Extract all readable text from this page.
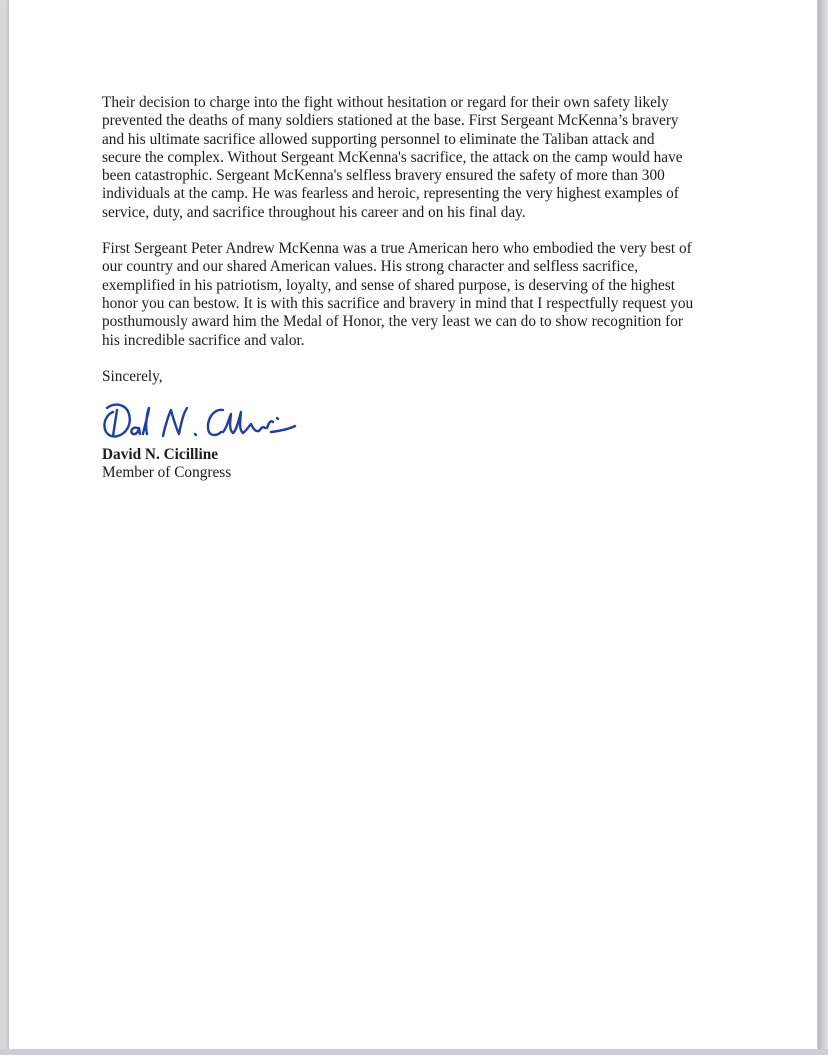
Their decision to charge into the fight without hesitation or regard for their own safety likely
prevented the deaths of many soldiers stationed at the base. First Sergeant McKenna’s bravery
and his ultimate sacrifice allowed supporting personnel to eliminate the Taliban attack and
secure the complex. Without Sergeant McKenna's sacrifice, the attack on the camp would have
been catastrophic. Sergeant McKenna's selfless bravery ensured the safety of more than 300
individuals at the camp. He was fearless and heroic, representing the very highest examples of
service, duty, and sacrifice throughout his career and on his final day.

First Sergeant Peter Andrew McKenna was a true American hero who embodied the very best of
our country and our shared American values. His strong character and selfless sacrifice,
exemplified in his patriotism, loyalty, and sense of shared purpose, is deserving of the highest
honor you can bestow. It is with this sacrifice and bravery in mind that I respectfully request you
posthumously award him the Medal of Honor, the very least we can do to show recognition for
his incredible sacrifice and valor.

Sincerely,

David N. Cicilline
Member of Congress
